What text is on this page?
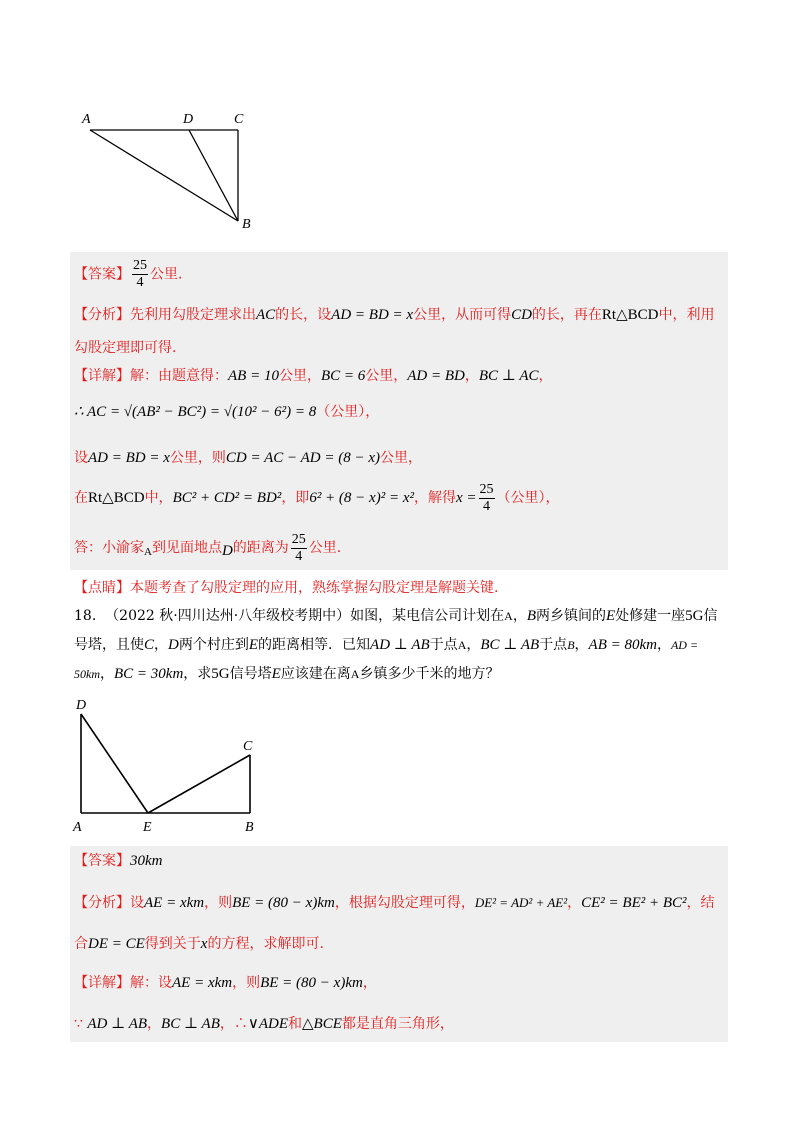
A	D	C
B
【答案】 $\frac{25}{4}$ 公里.
【分析】先利用勾股定理求出AC的长，设AD = BD = x公里，从而可得CD的长，再在Rt△BCD中，利用
勾股定理即可得.
【详解】解：由题意得：AB = 10公里，BC = 6公里，AD = BD，BC ⊥ AC，
∴ AC = √(AB² − BC²) = √(10² − 6²) = 8（公里），
设AD = BD = x公里，则CD = AC − AD = (8 − x)公里，
在Rt△BCD中，BC² + CD² = BD²，即6² + (8 − x)² = x²，解得$x = \frac{25}{4}$ （公里），
答：小渝家$_A$到见面地点D的距离为 $\frac{25}{4}$ 公里.
【点睛】本题考查了勾股定理的应用，熟练掌握勾股定理是解题关键.
18. （2022 秋·四川达州·八年级校考期中）如图，某电信公司计划在A，B两乡镇间的E处修建一座5G信号塔，且使C，D两个村庄到E的距离相等．已知AD ⊥ AB于点A，BC ⊥ AB于点B，AB = 80km，AD = 50km，BC = 30km，求5G信号塔E应该建在离A乡镇多少千米的地方？
D
C
A	E	B
【答案】30km
【分析】设AE = xkm，则BE = (80 − x)km，根据勾股定理可得，DE² = AD² + AE²，CE² = BE² + BC²，结
合DE = CE得到关于x的方程，求解即可.
【详解】解：设AE = xkm，则BE = (80 − x)km，
∵ AD ⊥ AB，BC ⊥ AB，∴∨ADE和△BCE都是直角三角形，
